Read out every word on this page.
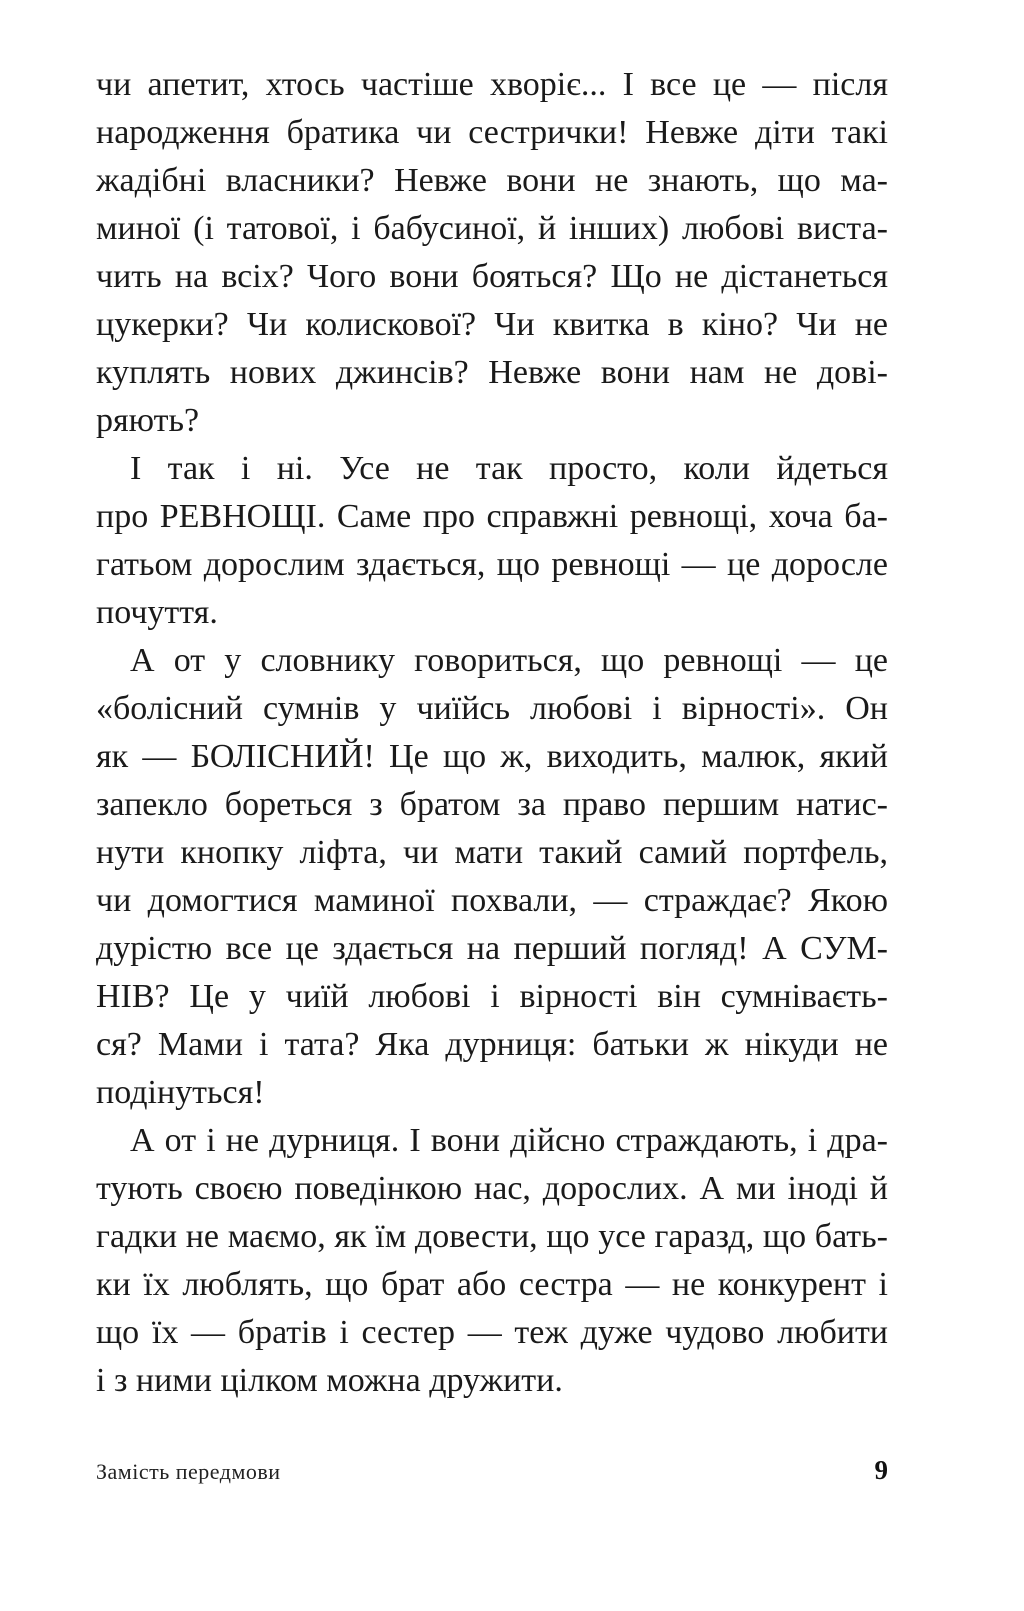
чи апетит, хтось частіше хворіє... І все це — після
народження братика чи сестрички! Невже діти такі
жадібні власники? Невже вони не знають, що ма-
миної (і татової, і бабусиної, й інших) любові виста-
чить на всіх? Чого вони бояться? Що не дістанеться
цукерки? Чи колискової? Чи квитка в кіно? Чи не
куплять нових джинсів? Невже вони нам не дові-
ряють?
І так і ні. Усе не так просто, коли йдеться
про РЕВНОЩІ. Саме про справжні ревнощі, хоча ба-
гатьом дорослим здається, що ревнощі — це доросле
почуття.
А от у словнику говориться, що ревнощі — це
«болісний сумнів у чиїйсь любові і вірності». Он
як — БОЛІСНИЙ! Це що ж, виходить, малюк, який
запекло бореться з братом за право першим натис-
нути кнопку ліфта, чи мати такий самий портфель,
чи домогтися маминої похвали, — страждає? Якою
дурістю все це здається на перший погляд! А СУМ-
НІВ? Це у чиїй любові і вірності він сумніваєть-
ся? Мами і тата? Яка дурниця: батьки ж нікуди не
подінуться!
А от і не дурниця. І вони дійсно страждають, і дра-
тують своєю поведінкою нас, дорослих. А ми іноді й
гадки не маємо, як їм довести, що усе гаразд, що бать-
ки їх люблять, що брат або сестра — не конкурент і
що їх — братів і сестер — теж дуже чудово любити
і з ними цілком можна дружити.
Замість передмови	9
